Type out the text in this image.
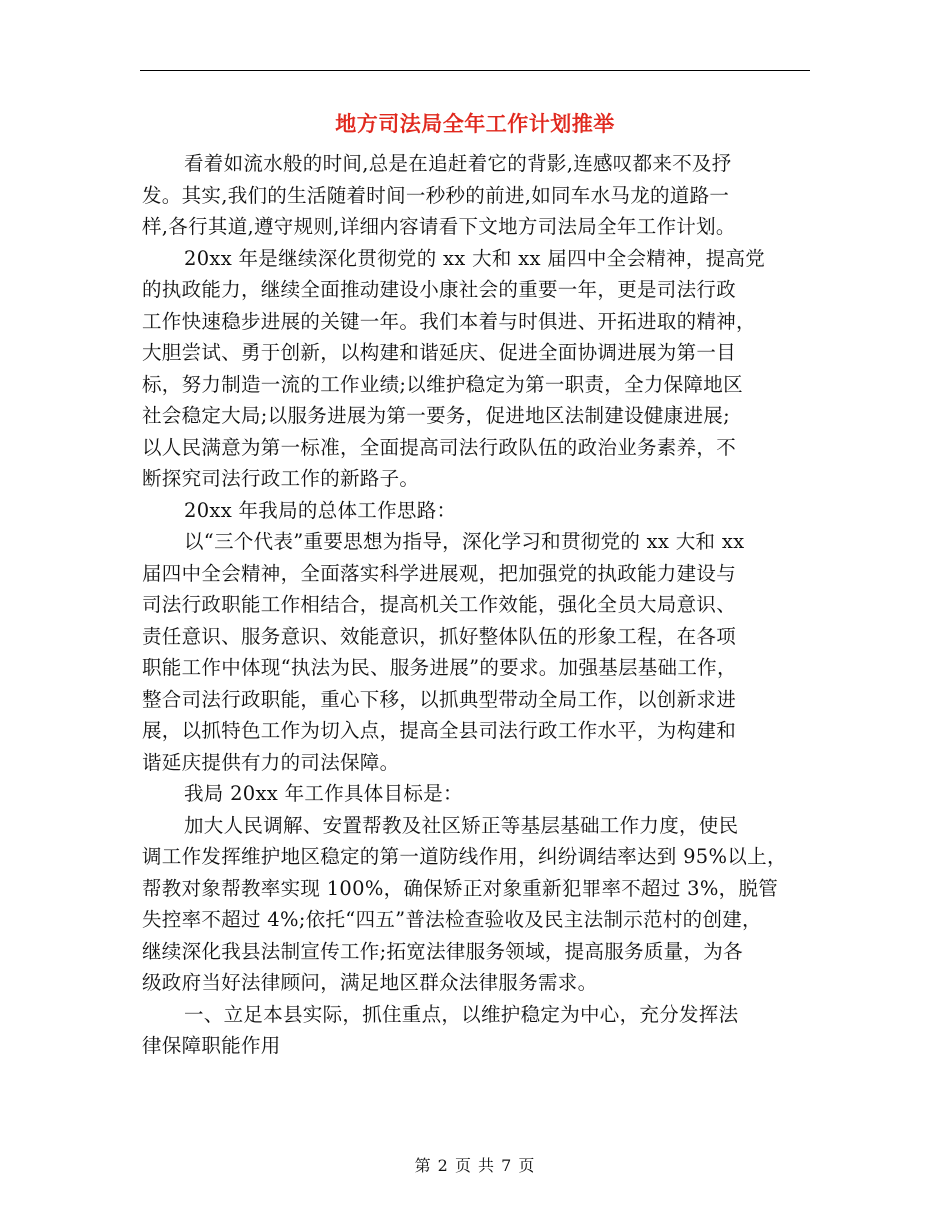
地方司法局全年工作计划推举
看着如流水般的时间,总是在追赶着它的背影,连感叹都来不及抒
发。其实,我们的生活随着时间一秒秒的前进,如同车水马龙的道路一
样,各行其道,遵守规则,详细内容请看下文地方司法局全年工作计划。
20xx 年是继续深化贯彻党的 xx 大和 xx 届四中全会精神，提高党
的执政能力，继续全面推动建设小康社会的重要一年，更是司法行政
工作快速稳步进展的关键一年。我们本着与时俱进、开拓进取的精神，
大胆尝试、勇于创新，以构建和谐延庆、促进全面协调进展为第一目
标，努力制造一流的工作业绩;以维护稳定为第一职责，全力保障地区
社会稳定大局;以服务进展为第一要务，促进地区法制建设健康进展;
以人民满意为第一标准，全面提高司法行政队伍的政治业务素养，不
断探究司法行政工作的新路子。
20xx 年我局的总体工作思路：
以“三个代表”重要思想为指导，深化学习和贯彻党的 xx 大和 xx
届四中全会精神，全面落实科学进展观，把加强党的执政能力建设与
司法行政职能工作相结合，提高机关工作效能，强化全员大局意识、
责任意识、服务意识、效能意识，抓好整体队伍的形象工程，在各项
职能工作中体现“执法为民、服务进展”的要求。加强基层基础工作，
整合司法行政职能，重心下移，以抓典型带动全局工作，以创新求进
展，以抓特色工作为切入点，提高全县司法行政工作水平，为构建和
谐延庆提供有力的司法保障。
我局 20xx 年工作具体目标是：
加大人民调解、安置帮教及社区矫正等基层基础工作力度，使民
调工作发挥维护地区稳定的第一道防线作用，纠纷调结率达到 95%以上，
帮教对象帮教率实现 100%，确保矫正对象重新犯罪率不超过 3%，脱管
失控率不超过 4%;依托“四五”普法检查验收及民主法制示范村的创建，
继续深化我县法制宣传工作;拓宽法律服务领域，提高服务质量，为各
级政府当好法律顾问，满足地区群众法律服务需求。
一、立足本县实际，抓住重点，以维护稳定为中心，充分发挥法
律保障职能作用
第 2 页 共 7 页
